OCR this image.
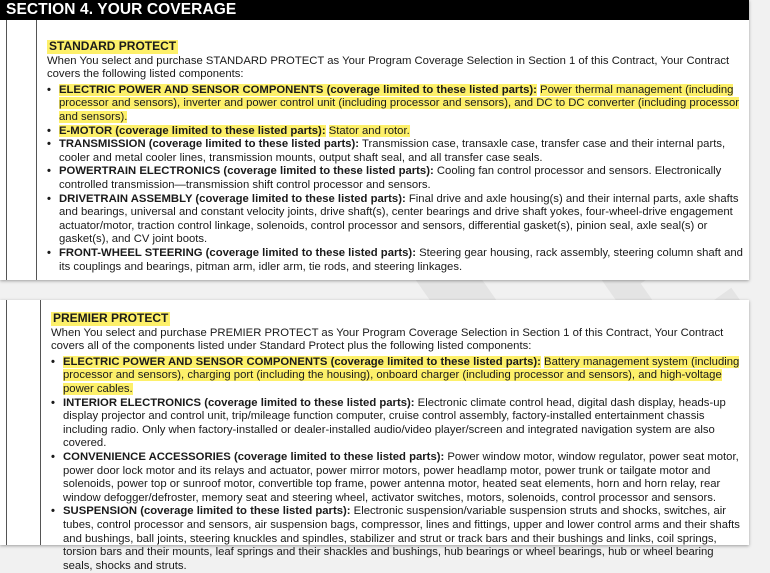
SECTION 4. YOUR COVERAGE
STANDARD PROTECT
When You select and purchase STANDARD PROTECT as Your Program Coverage Selection in Section 1 of this Contract, Your Contract covers the following listed components:
• ELECTRIC POWER AND SENSOR COMPONENTS (coverage limited to these listed parts): Power thermal management (including processor and sensors), inverter and power control unit (including processor and sensors), and DC to DC converter (including processor and sensors).
• E-MOTOR (coverage limited to these listed parts): Stator and rotor.
• TRANSMISSION (coverage limited to these listed parts): Transmission case, transaxle case, transfer case and their internal parts, cooler and metal cooler lines, transmission mounts, output shaft seal, and all transfer case seals.
• POWERTRAIN ELECTRONICS (coverage limited to these listed parts): Cooling fan control processor and sensors. Electronically controlled transmission—transmission shift control processor and sensors.
• DRIVETRAIN ASSEMBLY (coverage limited to these listed parts): Final drive and axle housing(s) and their internal parts, axle shafts and bearings, universal and constant velocity joints, drive shaft(s), center bearings and drive shaft yokes, four-wheel-drive engagement actuator/motor, traction control linkage, solenoids, control processor and sensors, differential gasket(s), pinion seal, axle seal(s) or gasket(s), and CV joint boots.
• FRONT-WHEEL STEERING (coverage limited to these listed parts): Steering gear housing, rack assembly, steering column shaft and its couplings and bearings, pitman arm, idler arm, tie rods, and steering linkages.
PREMIER PROTECT
When You select and purchase PREMIER PROTECT as Your Program Coverage Selection in Section 1 of this Contract, Your Contract covers all of the components listed under Standard Protect plus the following listed components:
• ELECTRIC POWER AND SENSOR COMPONENTS (coverage limited to these listed parts): Battery management system (including processor and sensors), charging port (including the housing), onboard charger (including processor and sensors), and high-voltage power cables.
• INTERIOR ELECTRONICS (coverage limited to these listed parts): Electronic climate control head, digital dash display, heads-up display projector and control unit, trip/mileage function computer, cruise control assembly, factory-installed entertainment chassis including radio. Only when factory-installed or dealer-installed audio/video player/screen and integrated navigation system are also covered.
• CONVENIENCE ACCESSORIES (coverage limited to these listed parts): Power window motor, window regulator, power seat motor, power door lock motor and its relays and actuator, power mirror motors, power headlamp motor, power trunk or tailgate motor and solenoids, power top or sunroof motor, convertible top frame, power antenna motor, heated seat elements, horn and horn relay, rear window defogger/defroster, memory seat and steering wheel, activator switches, motors, solenoids, control processor and sensors.
• SUSPENSION (coverage limited to these listed parts): Electronic suspension/variable suspension struts and shocks, switches, air tubes, control processor and sensors, air suspension bags, compressor, lines and fittings, upper and lower control arms and their shafts and bushings, ball joints, steering knuckles and spindles, stabilizer and strut or track bars and their bushings and links, coil springs, torsion bars and their mounts, leaf springs and their shackles and bushings, hub bearings or wheel bearings, hub or wheel bearing seals, shocks and struts.
